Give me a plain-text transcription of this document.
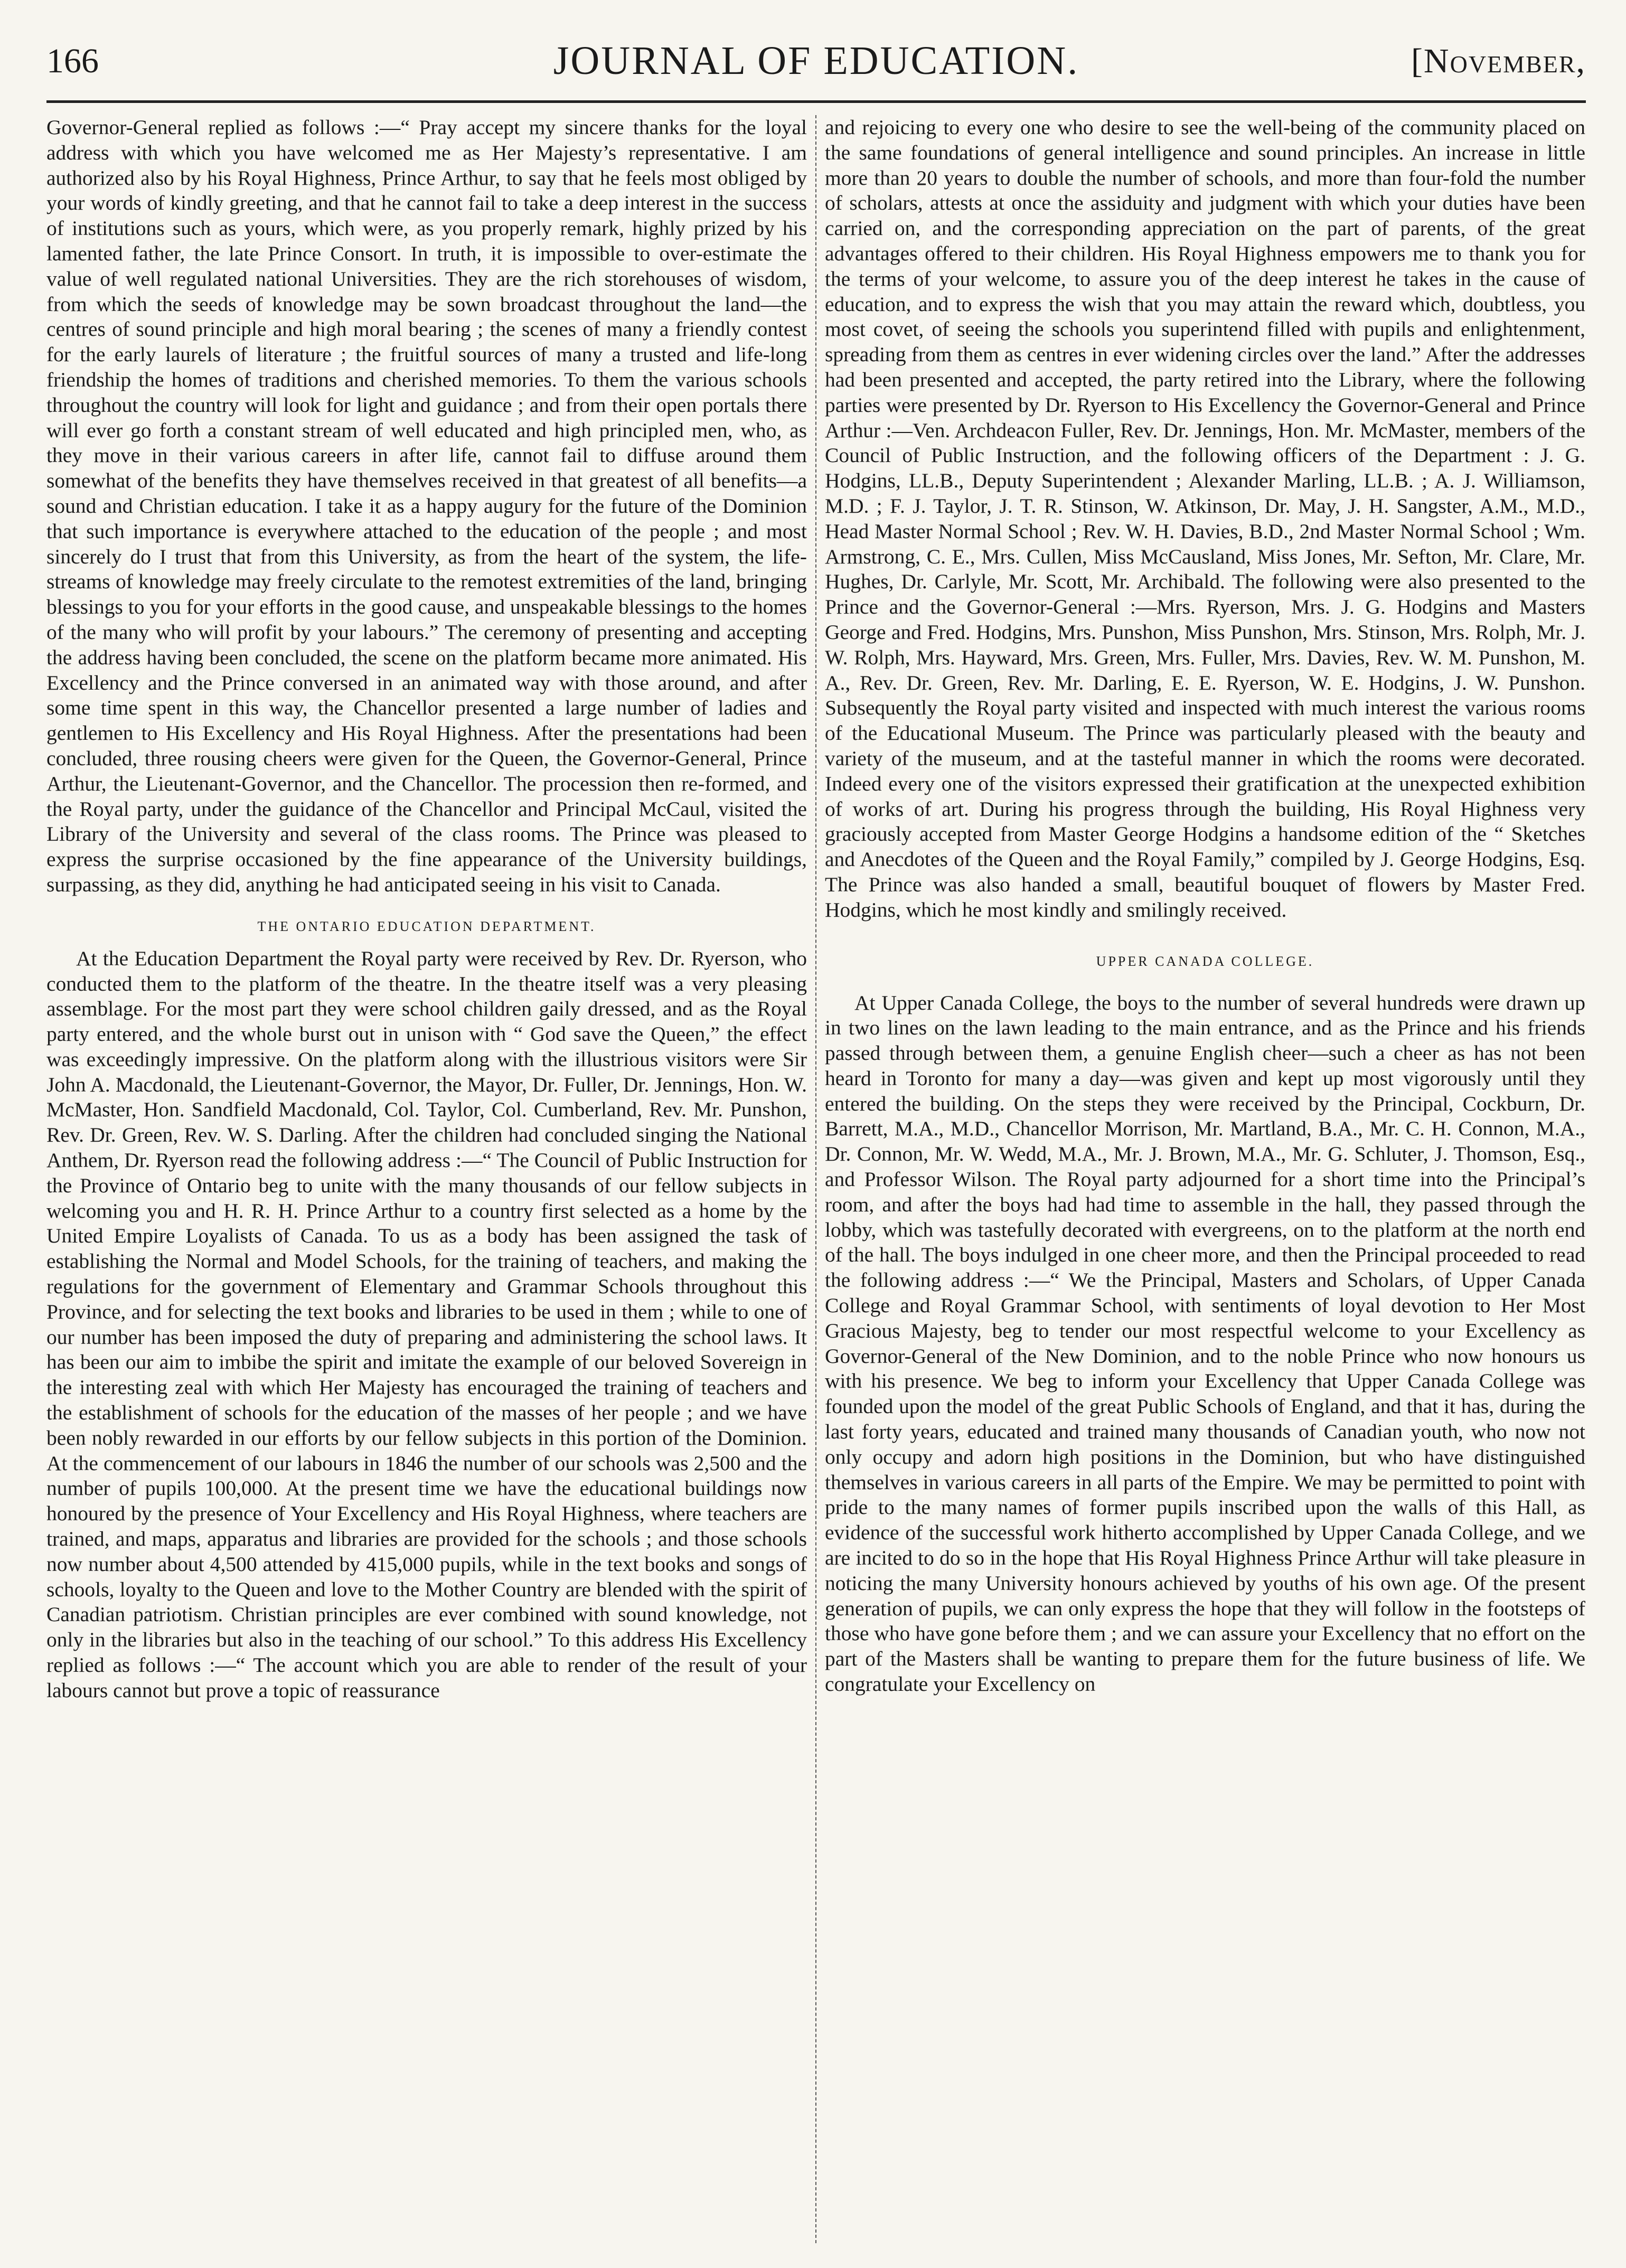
166	JOURNAL OF EDUCATION.	[November,

Governor-General replied as follows :—“ Pray accept my sincere thanks for the loyal address with which you have welcomed me as Her Majesty’s representative. I am authorized also by his Royal Highness, Prince Arthur, to say that he feels most obliged by your words of kindly greeting, and that he cannot fail to take a deep interest in the success of institutions such as yours, which were, as you properly remark, highly prized by his lamented father, the late Prince Consort. In truth, it is impossible to over-estimate the value of well regulated national Universities. They are the rich storehouses of wisdom, from which the seeds of knowledge may be sown broadcast throughout the land—the centres of sound principle and high moral bearing ; the scenes of many a friendly contest for the early laurels of literature ; the fruitful sources of many a trusted and life-long friendship the homes of traditions and cherished memories. To them the various schools throughout the country will look for light and guidance ; and from their open portals there will ever go forth a constant stream of well educated and high principled men, who, as they move in their various careers in after life, cannot fail to diffuse around them somewhat of the benefits they have themselves received in that greatest of all benefits—a sound and Christian education. I take it as a happy augury for the future of the Dominion that such importance is everywhere attached to the education of the people ; and most sincerely do I trust that from this University, as from the heart of the system, the life-streams of knowledge may freely circulate to the remotest extremities of the land, bringing blessings to you for your efforts in the good cause, and unspeakable blessings to the homes of the many who will profit by your labours.” The ceremony of presenting and accepting the address having been concluded, the scene on the platform became more animated. His Excellency and the Prince conversed in an animated way with those around, and after some time spent in this way, the Chancellor presented a large number of ladies and gentlemen to His Excellency and His Royal Highness. After the presentations had been concluded, three rousing cheers were given for the Queen, the Governor-General, Prince Arthur, the Lieutenant-Governor, and the Chancellor. The procession then re-formed, and the Royal party, under the guidance of the Chancellor and Principal McCaul, visited the Library of the University and several of the class rooms. The Prince was pleased to express the surprise occasioned by the fine appearance of the University buildings, surpassing, as they did, anything he had anticipated seeing in his visit to Canada.

THE ONTARIO EDUCATION DEPARTMENT.

At the Education Department the Royal party were received by Rev. Dr. Ryerson, who conducted them to the platform of the theatre. In the theatre itself was a very pleasing assemblage. For the most part they were school children gaily dressed, and as the Royal party entered, and the whole burst out in unison with “ God save the Queen,” the effect was exceedingly impressive. On the platform along with the illustrious visitors were Sir John A. Macdonald, the Lieutenant-Governor, the Mayor, Dr. Fuller, Dr. Jennings, Hon. W. McMaster, Hon. Sandfield Macdonald, Col. Taylor, Col. Cumberland, Rev. Mr. Punshon, Rev. Dr. Green, Rev. W. S. Darling. After the children had concluded singing the National Anthem, Dr. Ryerson read the following address :—“ The Council of Public Instruction for the Province of Ontario beg to unite with the many thousands of our fellow subjects in welcoming you and H. R. H. Prince Arthur to a country first selected as a home by the United Empire Loyalists of Canada. To us as a body has been assigned the task of establishing the Normal and Model Schools, for the training of teachers, and making the regulations for the government of Elementary and Grammar Schools throughout this Province, and for selecting the text books and libraries to be used in them ; while to one of our number has been imposed the duty of preparing and administering the school laws. It has been our aim to imbibe the spirit and imitate the example of our beloved Sovereign in the interesting zeal with which Her Majesty has encouraged the training of teachers and the establishment of schools for the education of the masses of her people ; and we have been nobly rewarded in our efforts by our fellow subjects in this portion of the Dominion. At the commencement of our labours in 1846 the number of our schools was 2,500 and the number of pupils 100,000. At the present time we have the educational buildings now honoured by the presence of Your Excellency and His Royal Highness, where teachers are trained, and maps, apparatus and libraries are provided for the schools ; and those schools now number about 4,500 attended by 415,000 pupils, while in the text books and songs of schools, loyalty to the Queen and love to the Mother Country are blended with the spirit of Canadian patriotism. Christian principles are ever combined with sound knowledge, not only in the libraries but also in the teaching of our school.” To this address His Excellency replied as follows :—“ The account which you are able to render of the result of your labours cannot but prove a topic of reassurance

and rejoicing to every one who desire to see the well-being of the community placed on the same foundations of general intelligence and sound principles. An increase in little more than 20 years to double the number of schools, and more than four-fold the number of scholars, attests at once the assiduity and judgment with which your duties have been carried on, and the corresponding appreciation on the part of parents, of the great advantages offered to their children. His Royal Highness empowers me to thank you for the terms of your welcome, to assure you of the deep interest he takes in the cause of education, and to express the wish that you may attain the reward which, doubtless, you most covet, of seeing the schools you superintend filled with pupils and enlightenment, spreading from them as centres in ever widening circles over the land.” After the addresses had been presented and accepted, the party retired into the Library, where the following parties were presented by Dr. Ryerson to His Excellency the Governor-General and Prince Arthur :—Ven. Archdeacon Fuller, Rev. Dr. Jennings, Hon. Mr. McMaster, members of the Council of Public Instruction, and the following officers of the Department : J. G. Hodgins, LL.B., Deputy Superintendent ; Alexander Marling, LL.B. ; A. J. Williamson, M.D. ; F. J. Taylor, J. T. R. Stinson, W. Atkinson, Dr. May, J. H. Sangster, A.M., M.D., Head Master Normal School ; Rev. W. H. Davies, B.D., 2nd Master Normal School ; Wm. Armstrong, C. E., Mrs. Cullen, Miss McCausland, Miss Jones, Mr. Sefton, Mr. Clare, Mr. Hughes, Dr. Carlyle, Mr. Scott, Mr. Archibald. The following were also presented to the Prince and the Governor-General :—Mrs. Ryerson, Mrs. J. G. Hodgins and Masters George and Fred. Hodgins, Mrs. Punshon, Miss Punshon, Mrs. Stinson, Mrs. Rolph, Mr. J. W. Rolph, Mrs. Hayward, Mrs. Green, Mrs. Fuller, Mrs. Davies, Rev. W. M. Punshon, M. A., Rev. Dr. Green, Rev. Mr. Darling, E. E. Ryerson, W. E. Hodgins, J. W. Punshon. Subsequently the Royal party visited and inspected with much interest the various rooms of the Educational Museum. The Prince was particularly pleased with the beauty and variety of the museum, and at the tasteful manner in which the rooms were decorated. Indeed every one of the visitors expressed their gratification at the unexpected exhibition of works of art. During his progress through the building, His Royal Highness very graciously accepted from Master George Hodgins a handsome edition of the “ Sketches and Anecdotes of the Queen and the Royal Family,” compiled by J. George Hodgins, Esq. The Prince was also handed a small, beautiful bouquet of flowers by Master Fred. Hodgins, which he most kindly and smilingly received.

UPPER CANADA COLLEGE.

At Upper Canada College, the boys to the number of several hundreds were drawn up in two lines on the lawn leading to the main entrance, and as the Prince and his friends passed through between them, a genuine English cheer—such a cheer as has not been heard in Toronto for many a day—was given and kept up most vigorously until they entered the building. On the steps they were received by the Principal, Cockburn, Dr. Barrett, M.A., M.D., Chancellor Morrison, Mr. Martland, B.A., Mr. C. H. Connon, M.A., Dr. Connon, Mr. W. Wedd, M.A., Mr. J. Brown, M.A., Mr. G. Schluter, J. Thomson, Esq., and Professor Wilson. The Royal party adjourned for a short time into the Principal’s room, and after the boys had had time to assemble in the hall, they passed through the lobby, which was tastefully decorated with evergreens, on to the platform at the north end of the hall. The boys indulged in one cheer more, and then the Principal proceeded to read the following address :—“ We the Principal, Masters and Scholars, of Upper Canada College and Royal Grammar School, with sentiments of loyal devotion to Her Most Gracious Majesty, beg to tender our most respectful welcome to your Excellency as Governor-General of the New Dominion, and to the noble Prince who now honours us with his presence. We beg to inform your Excellency that Upper Canada College was founded upon the model of the great Public Schools of England, and that it has, during the last forty years, educated and trained many thousands of Canadian youth, who now not only occupy and adorn high positions in the Dominion, but who have distinguished themselves in various careers in all parts of the Empire. We may be permitted to point with pride to the many names of former pupils inscribed upon the walls of this Hall, as evidence of the successful work hitherto accomplished by Upper Canada College, and we are incited to do so in the hope that His Royal Highness Prince Arthur will take pleasure in noticing the many University honours achieved by youths of his own age. Of the present generation of pupils, we can only express the hope that they will follow in the footsteps of those who have gone before them ; and we can assure your Excellency that no effort on the part of the Masters shall be wanting to prepare them for the future business of life. We congratulate your Excellency on
